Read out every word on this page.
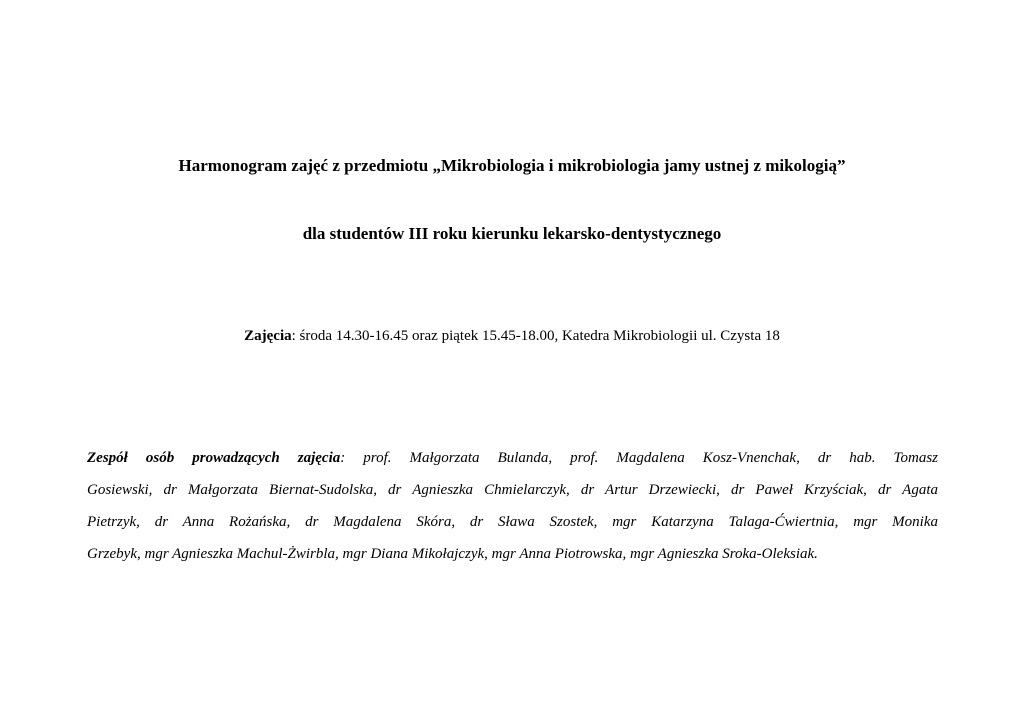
Harmonogram zajęć z przedmiotu „Mikrobiologia i mikrobiologia jamy ustnej z mikologią”
dla studentów III roku kierunku lekarsko-dentystycznego
Zajęcia: środa 14.30-16.45 oraz piątek 15.45-18.00, Katedra Mikrobiologii ul. Czysta 18
Zespół osób prowadzących zajęcia: prof. Małgorzata Bulanda, prof. Magdalena Kosz-Vnenchak, dr hab. Tomasz
Gosiewski, dr Małgorzata Biernat-Sudolska, dr Agnieszka Chmielarczyk, dr Artur Drzewiecki, dr Paweł Krzyściak, dr Agata
Pietrzyk, dr Anna Rożańska, dr Magdalena Skóra, dr Sława Szostek, mgr Katarzyna Talaga-Ćwiertnia, mgr Monika
Grzebyk, mgr Agnieszka Machul-Żwirbla, mgr Diana Mikołajczyk, mgr Anna Piotrowska, mgr Agnieszka Sroka-Oleksiak.
